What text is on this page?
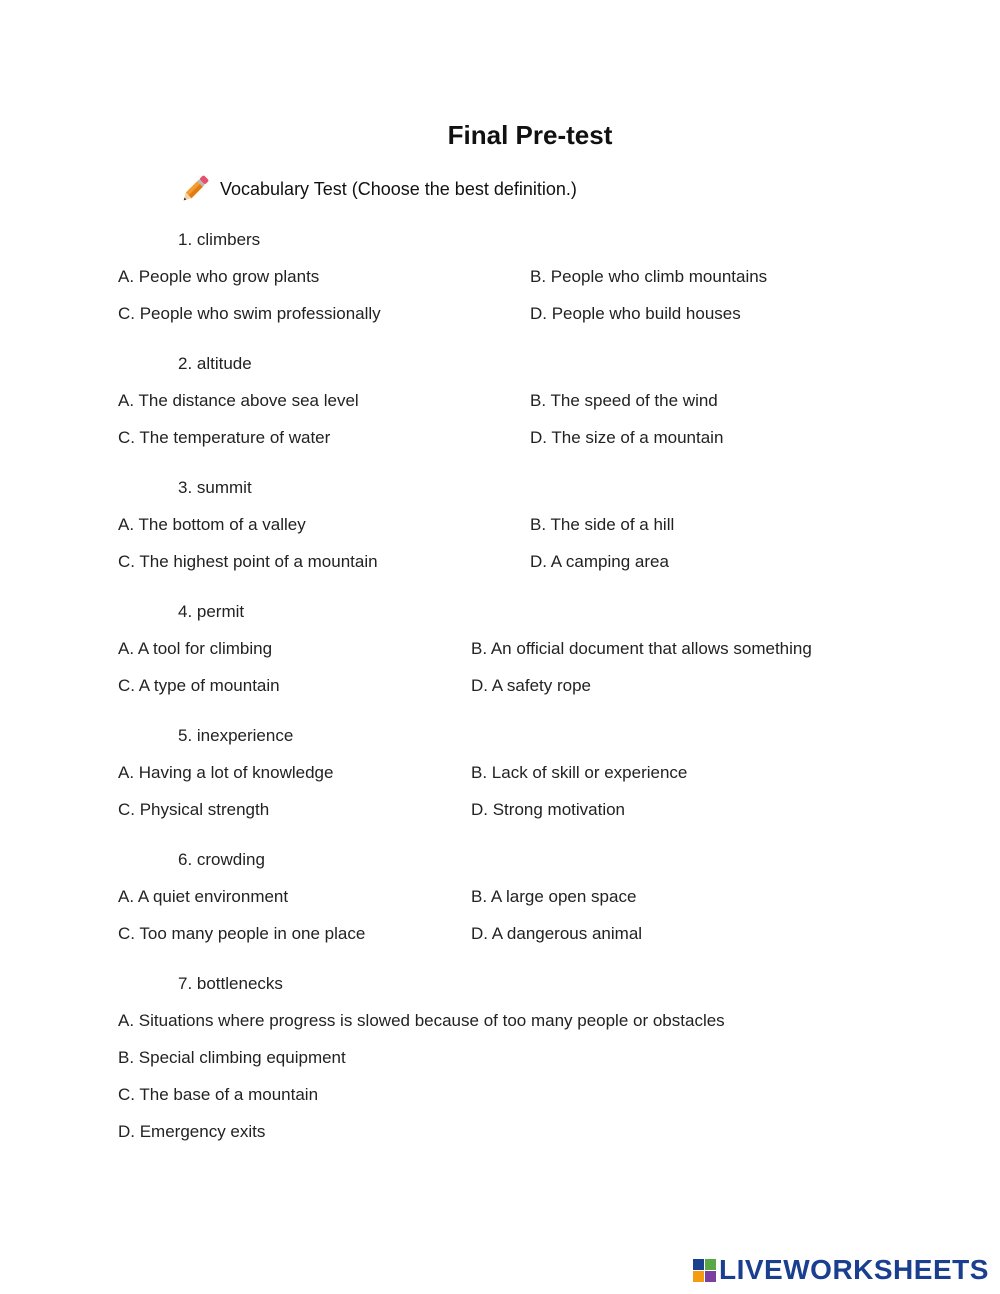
Final Pre-test
Vocabulary Test (Choose the best definition.)
1. climbers
A. People who grow plants	B. People who climb mountains
C. People who swim professionally	D. People who build houses
2. altitude
A. The distance above sea level	B. The speed of the wind
C. The temperature of water	D. The size of a mountain
3. summit
A. The bottom of a valley	B. The side of a hill
C. The highest point of a mountain	D. A camping area
4. permit
A. A tool for climbing	B. An official document that allows something
C. A type of mountain	D. A safety rope
5. inexperience
A. Having a lot of knowledge	B. Lack of skill or experience
C. Physical strength	D. Strong motivation
6. crowding
A. A quiet environment	B. A large open space
C. Too many people in one place	D. A dangerous animal
7. bottlenecks
A. Situations where progress is slowed because of too many people or obstacles
B. Special climbing equipment
C. The base of a mountain
D. Emergency exits
LIVEWORKSHEETS
